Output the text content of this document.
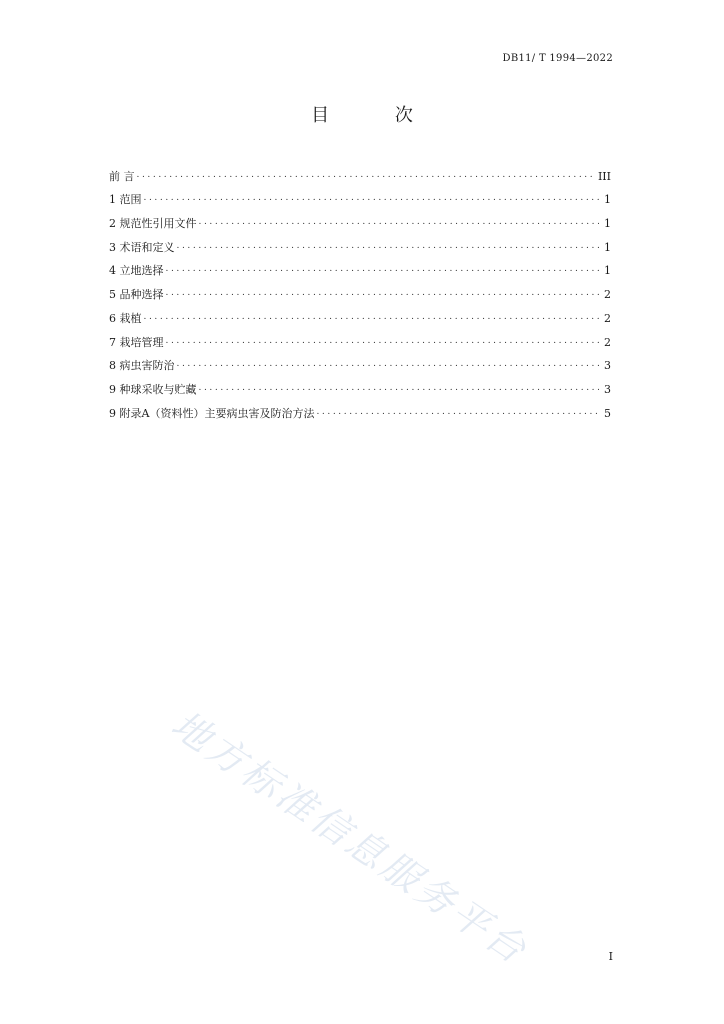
DB11/ T 1994—2022
目 次
前 言 .....	III
1 范围 .....	1
2 规范性引用文件 .....	1
3 术语和定义 .....	1
4 立地选择 .....	1
5 品种选择 .....	2
6 栽植 .....	2
7 栽培管理 .....	2
8 病虫害防治 .....	3
9 种球采收与贮藏 .....	3
9 附录A（资料性）主要病虫害及防治方法 .....	5
地方标准信息服务平台	I
